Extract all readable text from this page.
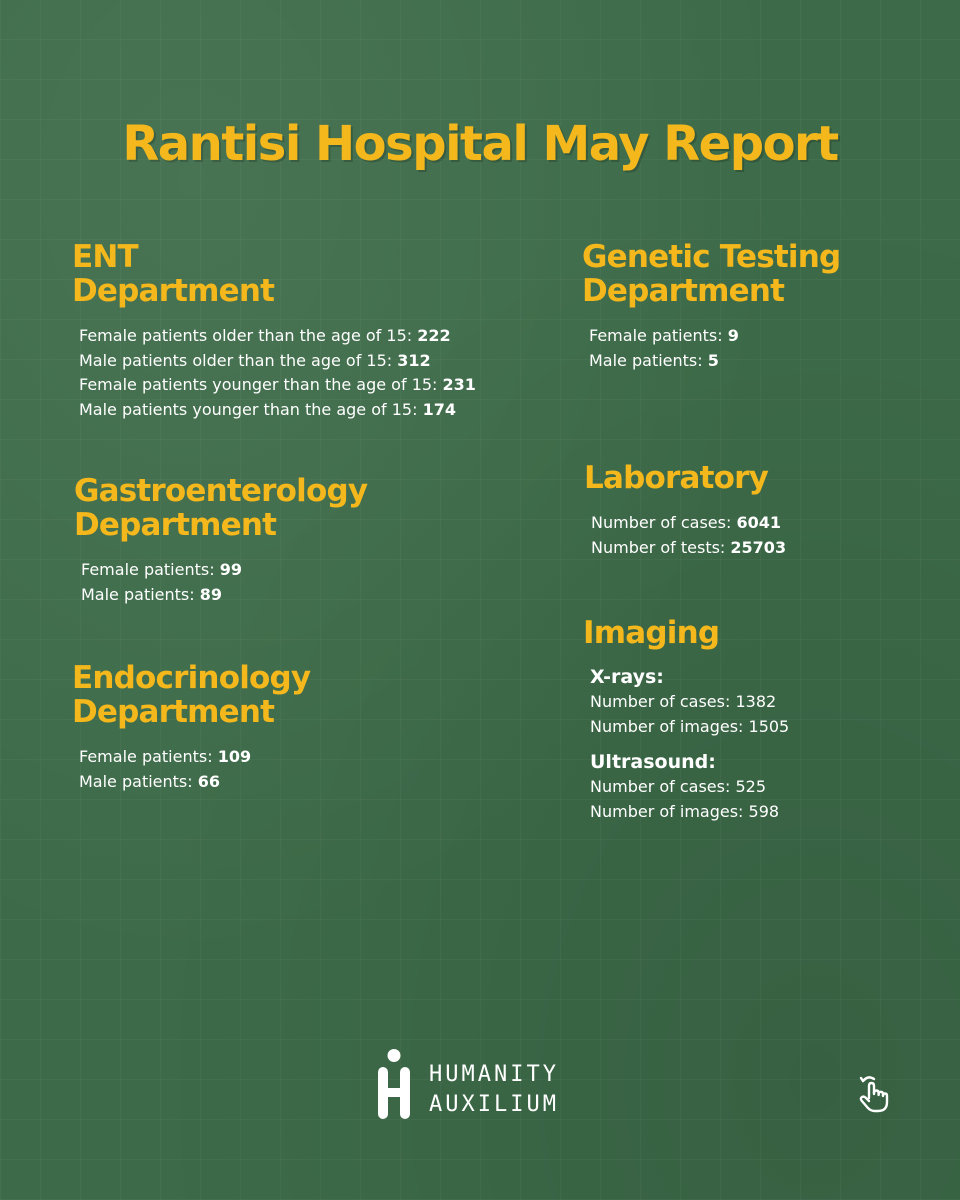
Rantisi Hospital May Report
ENT
Department
Female patients older than the age of 15: 222
Male patients older than the age of 15: 312
Female patients younger than the age of 15: 231
Male patients younger than the age of 15: 174
Gastroenterology
Department
Female patients: 99
Male patients: 89
Endocrinology
Department
Female patients: 109
Male patients: 66
Genetic Testing
Department
Female patients: 9
Male patients: 5
Laboratory
Number of cases: 6041
Number of tests: 25703
Imaging
X-rays:
Number of cases: 1382
Number of images: 1505
Ultrasound:
Number of cases: 525
Number of images: 598
HUMANITY
AUXILIUM
